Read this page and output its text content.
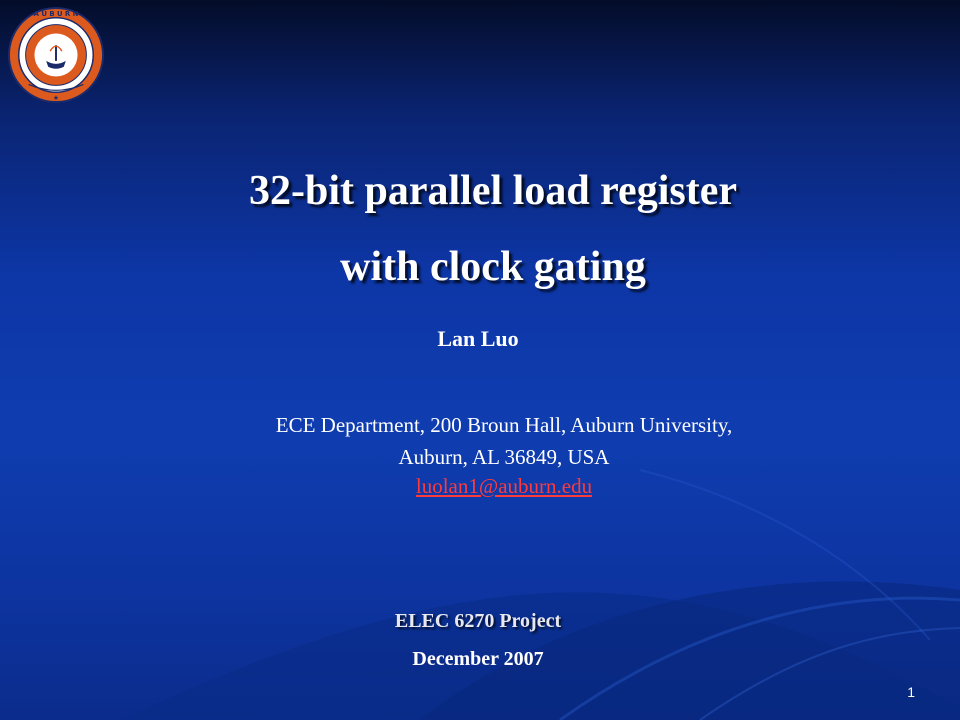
A U B U R N
★
32-bit parallel load register
with clock gating
Lan Luo
ECE Department, 200 Broun Hall, Auburn University,
Auburn, AL 36849, USA
luolan1@auburn.edu
ELEC 6270 Project
December 2007
1
